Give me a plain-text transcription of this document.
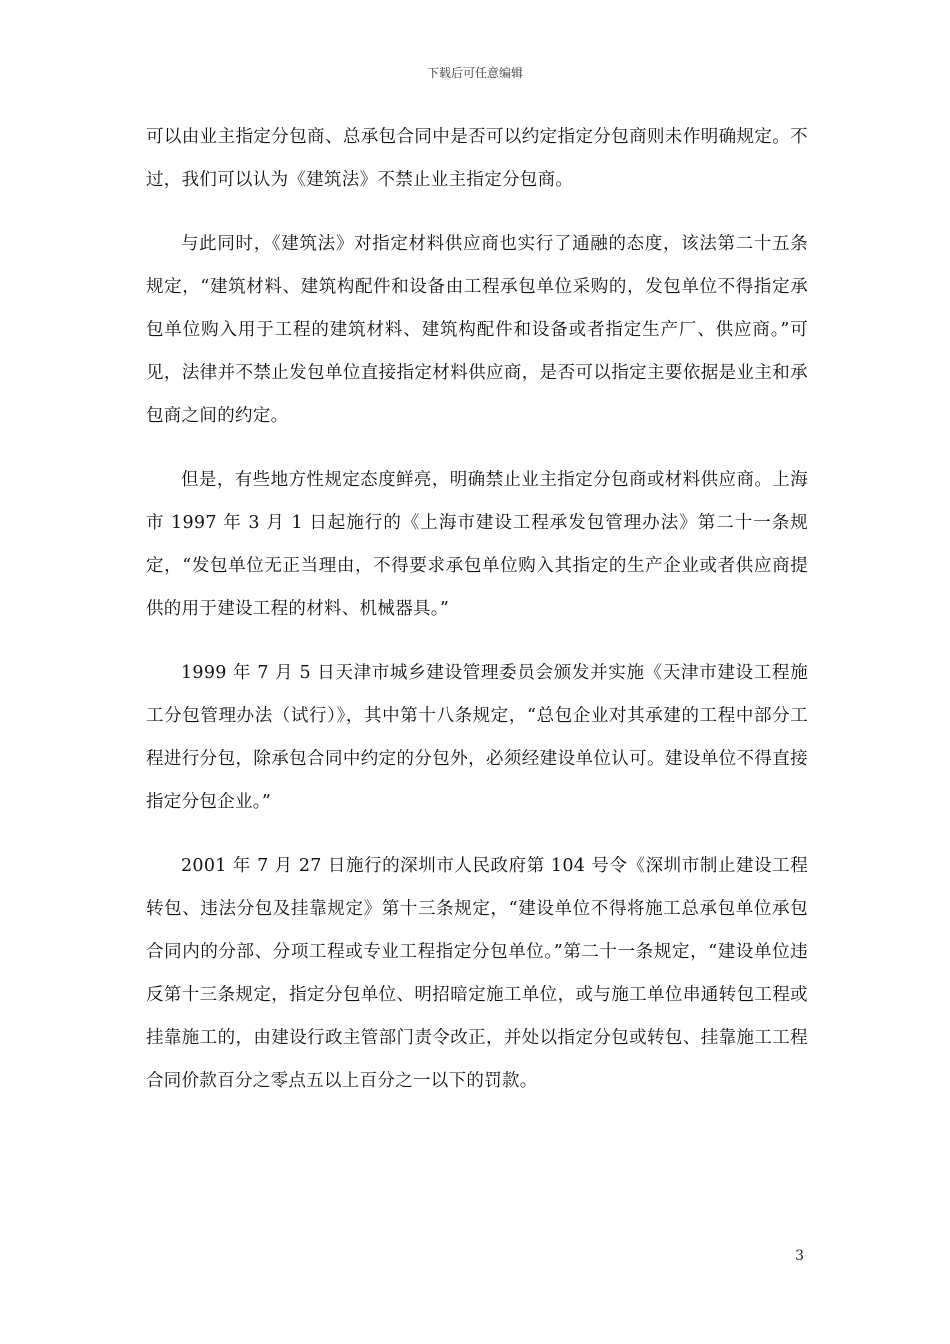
下载后可任意编辑

可以由业主指定分包商、总承包合同中是否可以约定指定分包商则未作明确规定。不过，我们可以认为《建筑法》不禁止业主指定分包商。

与此同时，《建筑法》对指定材料供应商也实行了通融的态度，该法第二十五条规定，“建筑材料、建筑构配件和设备由工程承包单位采购的，发包单位不得指定承包单位购入用于工程的建筑材料、建筑构配件和设备或者指定生产厂、供应商。”可见，法律并不禁止发包单位直接指定材料供应商，是否可以指定主要依据是业主和承包商之间的约定。

但是，有些地方性规定态度鲜亮，明确禁止业主指定分包商或材料供应商。上海市 1997 年 3 月 1 日起施行的《上海市建设工程承发包管理办法》第二十一条规定，“发包单位无正当理由，不得要求承包单位购入其指定的生产企业或者供应商提供的用于建设工程的材料、机械器具。”

1999 年 7 月 5 日天津市城乡建设管理委员会颁发并实施《天津市建设工程施工分包管理办法（试行）》，其中第十八条规定，“总包企业对其承建的工程中部分工程进行分包，除承包合同中约定的分包外，必须经建设单位认可。建设单位不得直接指定分包企业。”

2001 年 7 月 27 日施行的深圳市人民政府第 104 号令《深圳市制止建设工程转包、违法分包及挂靠规定》第十三条规定，“建设单位不得将施工总承包单位承包合同内的分部、分项工程或专业工程指定分包单位。”第二十一条规定，“建设单位违反第十三条规定，指定分包单位、明招暗定施工单位，或与施工单位串通转包工程或挂靠施工的，由建设行政主管部门责令改正，并处以指定分包或转包、挂靠施工工程合同价款百分之零点五以上百分之一以下的罚款。

3
